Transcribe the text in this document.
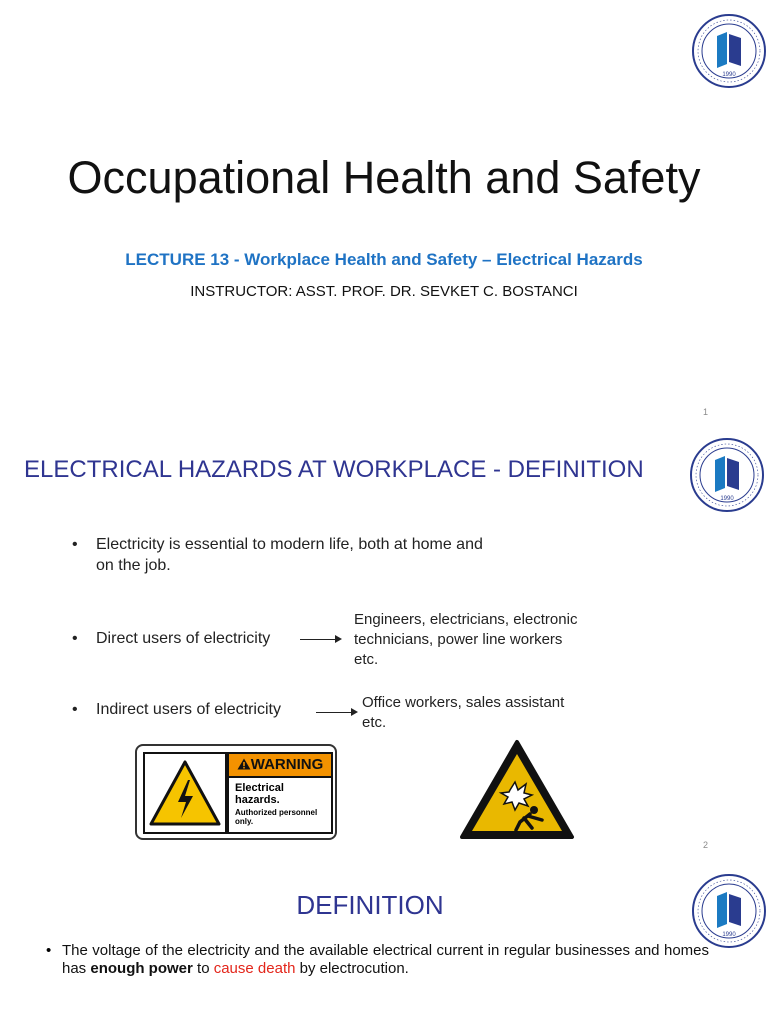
1990
Occupational Health and Safety
LECTURE 13 - Workplace Health and Safety – Electrical Hazards
INSTRUCTOR: ASST. PROF. DR. SEVKET C. BOSTANCI
1
ELECTRICAL HAZARDS AT WORKPLACE - DEFINITION
1990
• Electricity is essential to modern life, both at home and
on the job.
• Direct users of electricity
Engineers, electricians, electronic
technicians, power line workers
etc.
• Indirect users of electricity	Office workers, sales assistant
etc.
WARNING
Electrical hazards.
Authorized personnel only.
2
DEFINITION
1990
• The voltage of the electricity and the available electrical current in regular businesses and homes has enough power to cause death by electrocution.
